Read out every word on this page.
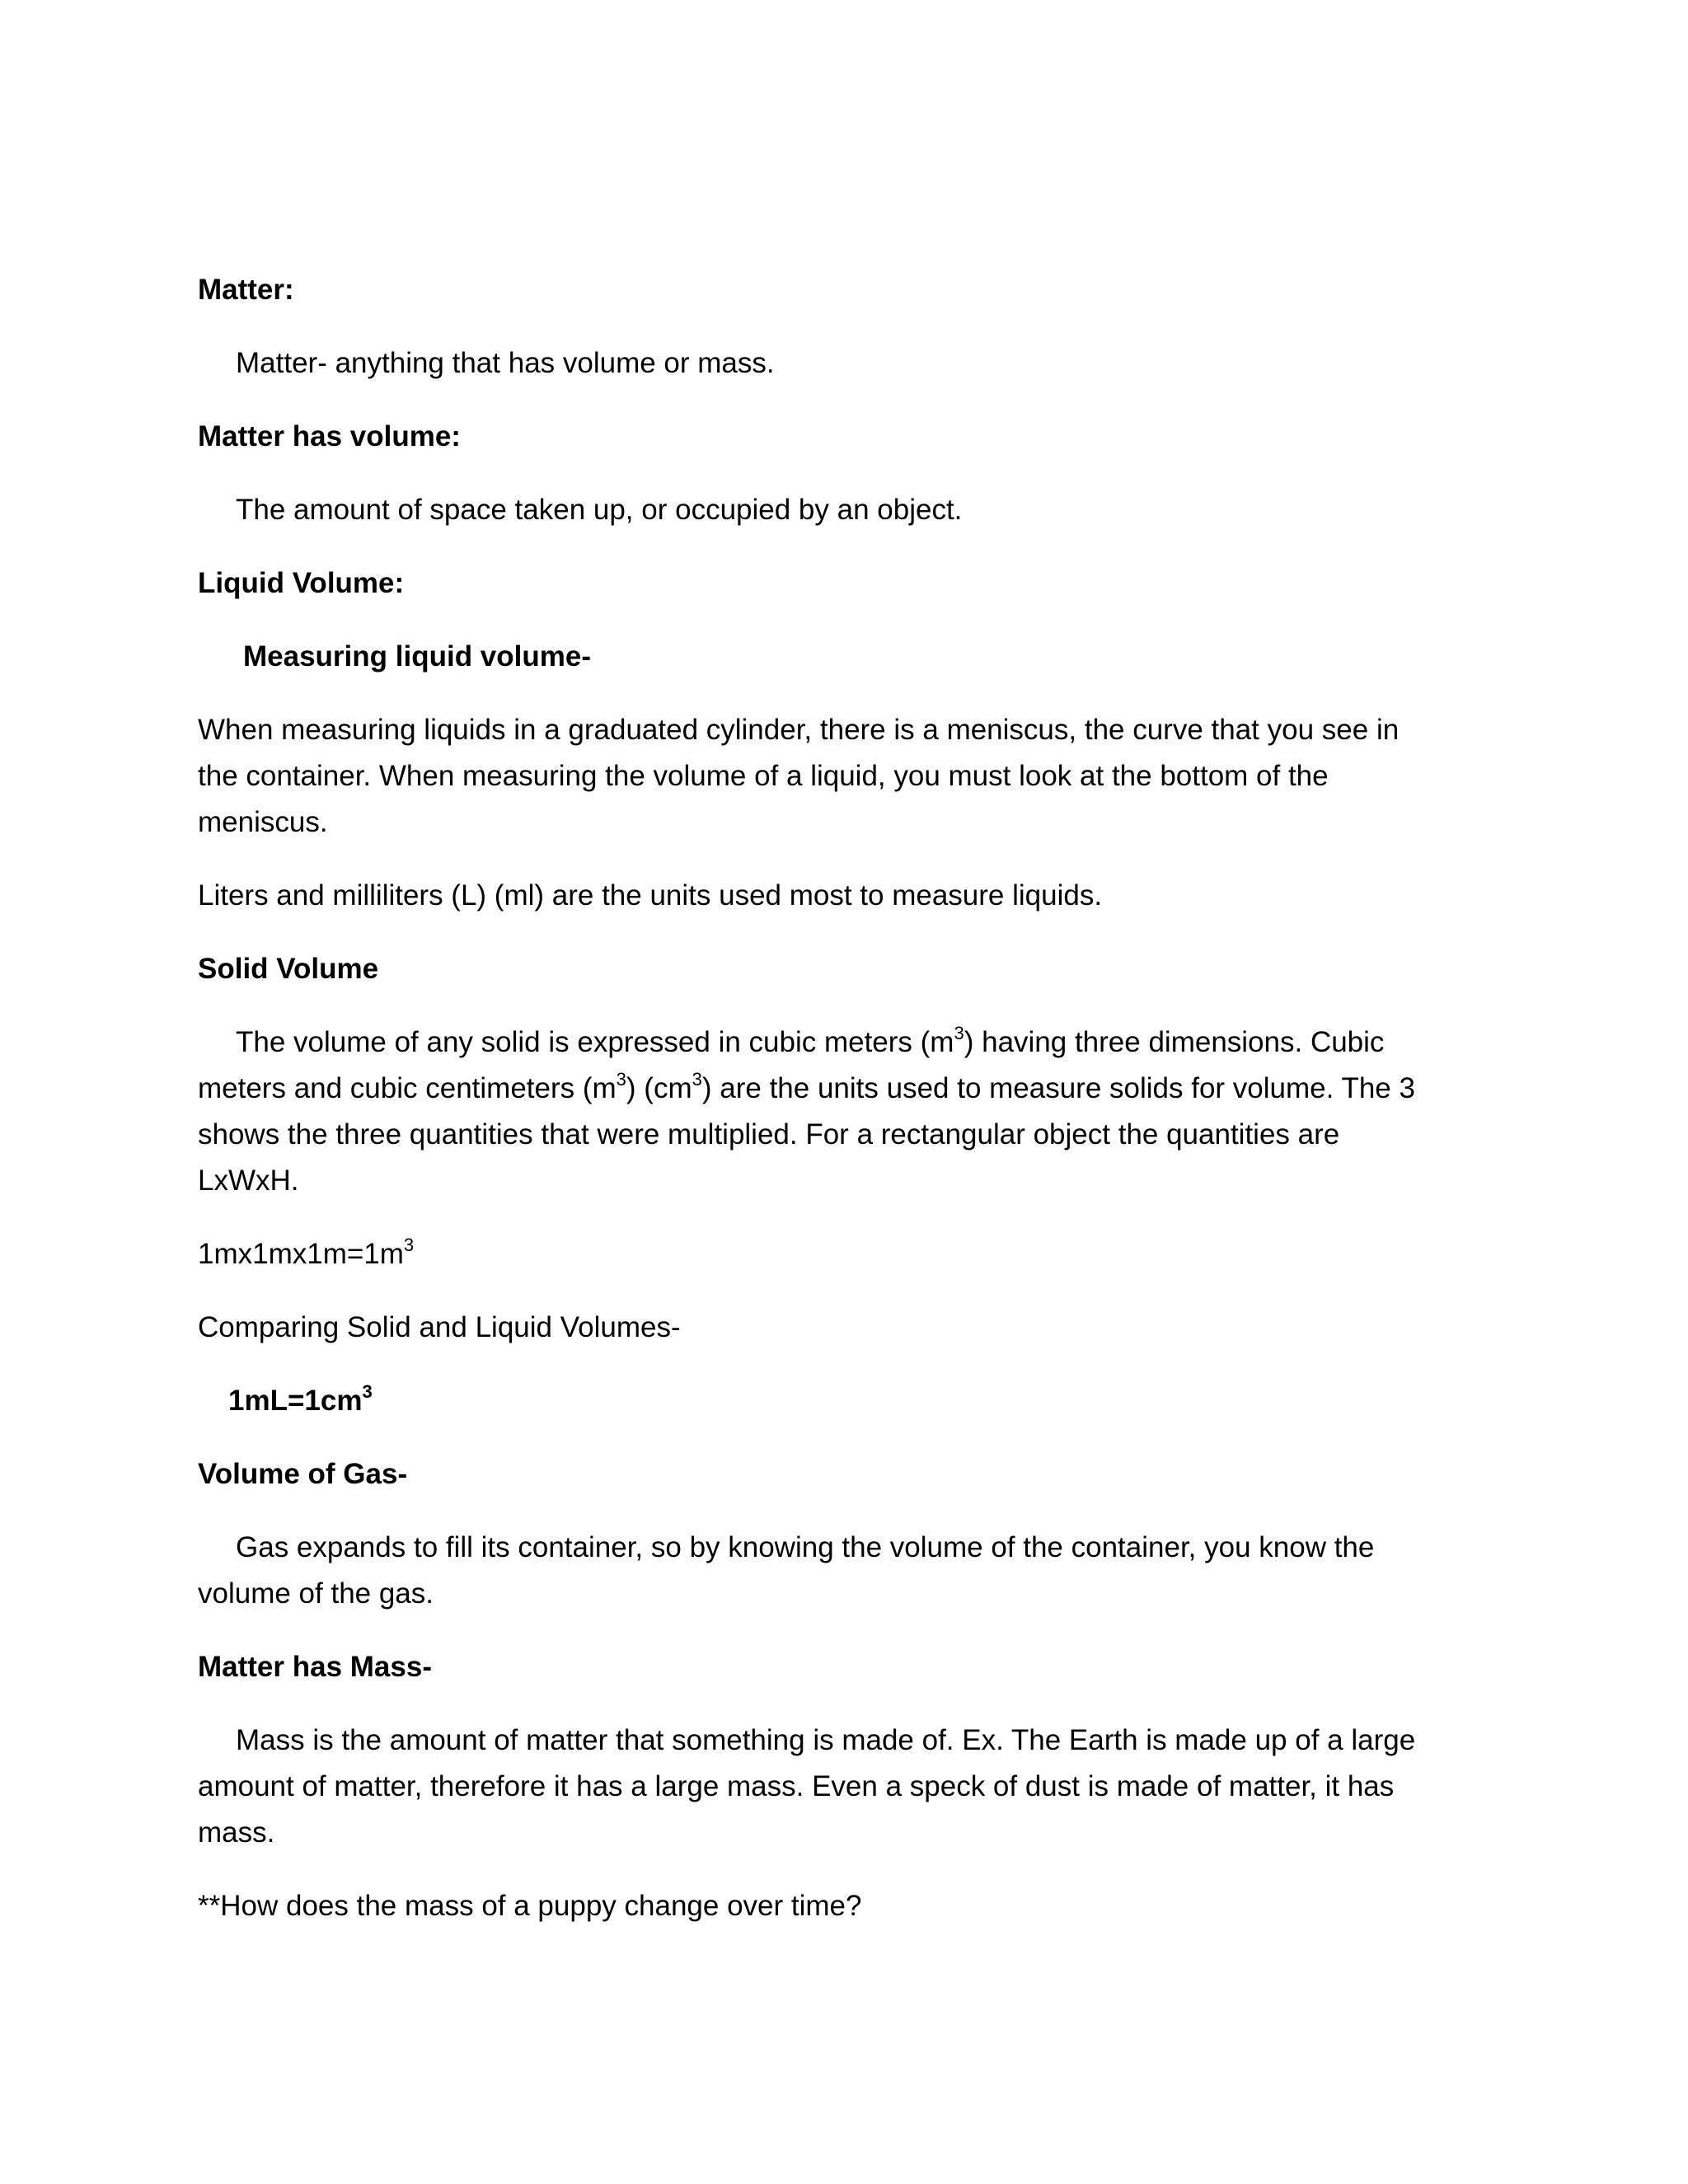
Matter:
Matter- anything that has volume or mass.
Matter has volume:
The amount of space taken up, or occupied by an object.
Liquid Volume:
Measuring liquid volume-
When measuring liquids in a graduated cylinder, there is a meniscus, the curve that you see in
the container. When measuring the volume of a liquid, you must look at the bottom of the
meniscus.
Liters and milliliters (L) (ml) are the units used most to measure liquids.
Solid Volume
The volume of any solid is expressed in cubic meters $(m^3)$ having three dimensions. Cubic
meters and cubic centimeters $(m^3)$ $(cm^3)$ are the units used to measure solids for volume. The 3
shows the three quantities that were multiplied. For a rectangular object the quantities are
LxWxH.
$1mx1mx1m=1m^3$
Comparing Solid and Liquid Volumes-
$1mL=1cm^3$
Volume of Gas-
Gas expands to fill its container, so by knowing the volume of the container, you know the
volume of the gas.
Matter has Mass-
Mass is the amount of matter that something is made of. Ex. The Earth is made up of a large
amount of matter, therefore it has a large mass. Even a speck of dust is made of matter, it has
mass.
**How does the mass of a puppy change over time?
